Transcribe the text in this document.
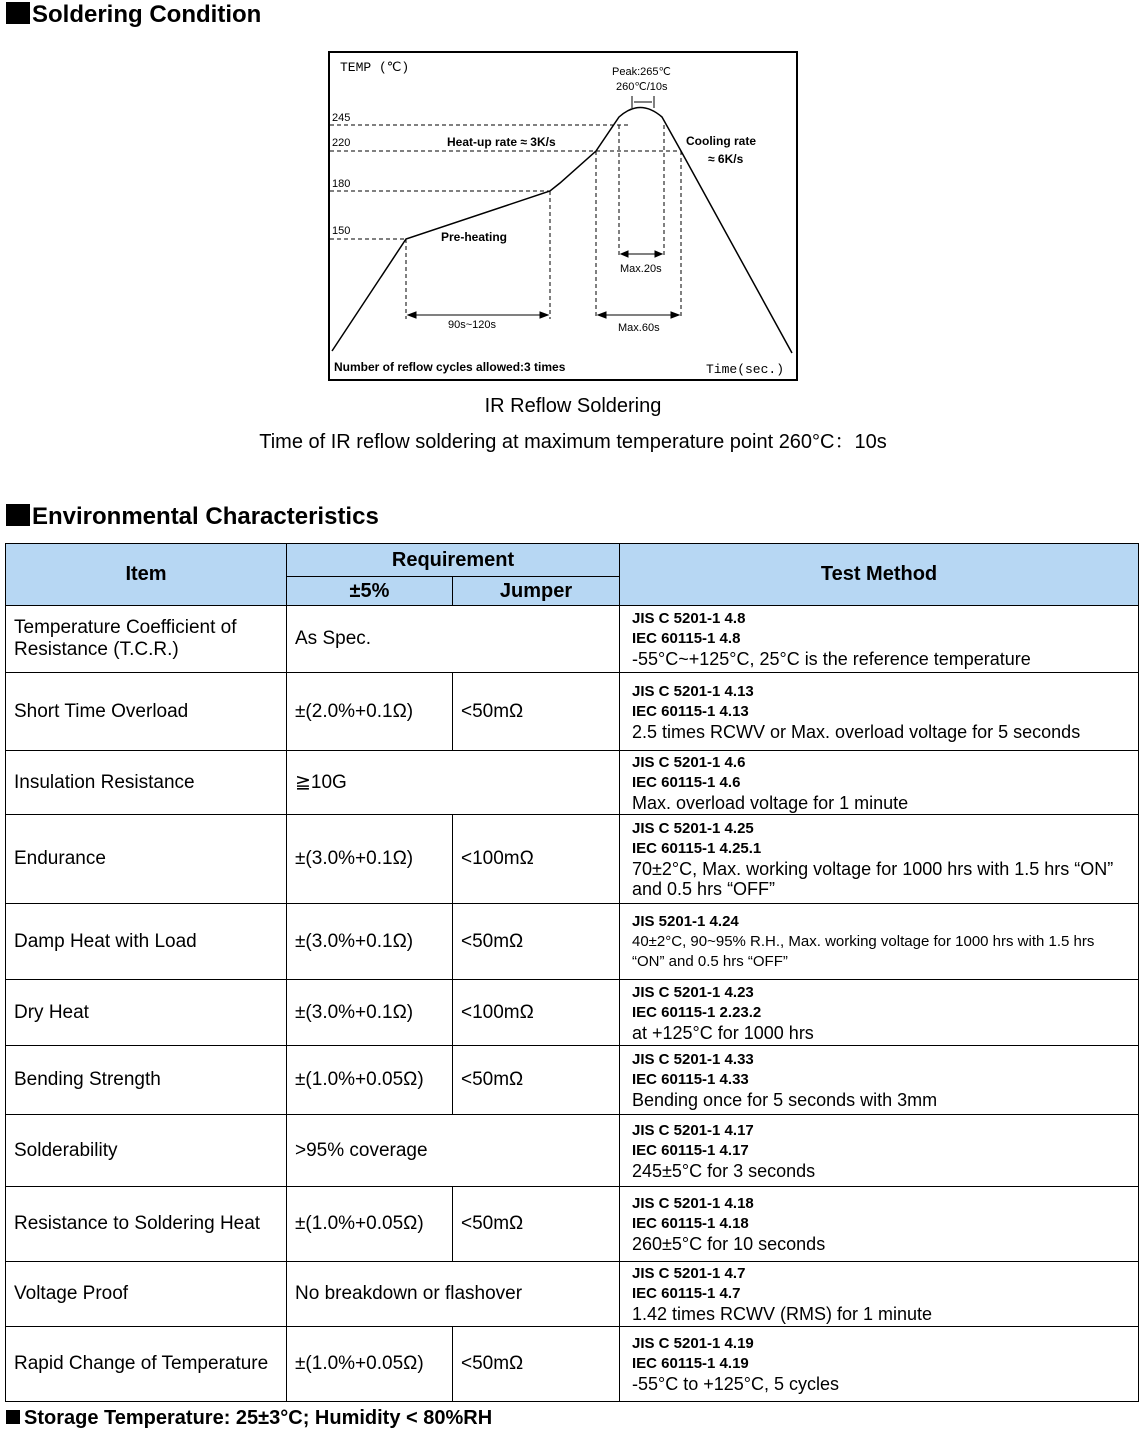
Soldering Condition
TEMP (℃)
Time(sec.)
245
220
180
150
Peak:265℃
260℃/10s
Heat-up rate ≈ 3K/s	Cooling rate
≈ 6K/s
Pre-heating
90s~120s
Max.20s
Max.60s
Number of reflow cycles allowed:3 times
IR Reflow Soldering
Time of IR reflow soldering at maximum temperature point 260°C：10s
Environmental Characteristics
Item	Requirement		Test Method
	±5%	Jumper	
Temperature Coefficient of Resistance (T.C.R.)	As Spec.		JIS C 5201-1 4.8
IEC 60115-1 4.8
-55°C~+125°C, 25°C is the reference temperature

Short Time Overload	±(2.0%+0.1Ω)	<50mΩ	JIS C 5201-1 4.13
IEC 60115-1 4.13
2.5 times RCWV or Max. overload voltage for 5 seconds

Insulation Resistance	≧10G		JIS C 5201-1 4.6
IEC 60115-1 4.6
Max. overload voltage for 1 minute

Endurance	±(3.0%+0.1Ω)	<100mΩ	JIS C 5201-1 4.25
IEC 60115-1 4.25.1
70±2°C, Max. working voltage for 1000 hrs with 1.5 hrs “ON” and 0.5 hrs “OFF”

Damp Heat with Load	±(3.0%+0.1Ω)	<50mΩ	JIS 5201-1 4.24
40±2°C, 90~95% R.H., Max. working voltage for 1000 hrs with 1.5 hrs “ON” and 0.5 hrs “OFF”

Dry Heat	±(3.0%+0.1Ω)	<100mΩ	JIS C 5201-1 4.23
IEC 60115-1 2.23.2
at +125°C for 1000 hrs

Bending Strength	±(1.0%+0.05Ω)	<50mΩ	JIS C 5201-1 4.33
IEC 60115-1 4.33
Bending once for 5 seconds with 3mm

Solderability	>95% coverage		JIS C 5201-1 4.17
IEC 60115-1 4.17
245±5°C for 3 seconds

Resistance to Soldering Heat	±(1.0%+0.05Ω)	<50mΩ	JIS C 5201-1 4.18
IEC 60115-1 4.18
260±5°C for 10 seconds

Voltage Proof	No breakdown or flashover		JIS C 5201-1 4.7
IEC 60115-1 4.7
1.42 times RCWV (RMS) for 1 minute

Rapid Change of Temperature	±(1.0%+0.05Ω)	<50mΩ	JIS C 5201-1 4.19
IEC 60115-1 4.19
-55°C to +125°C, 5 cycles
Storage Temperature: 25±3°C; Humidity < 80%RH
